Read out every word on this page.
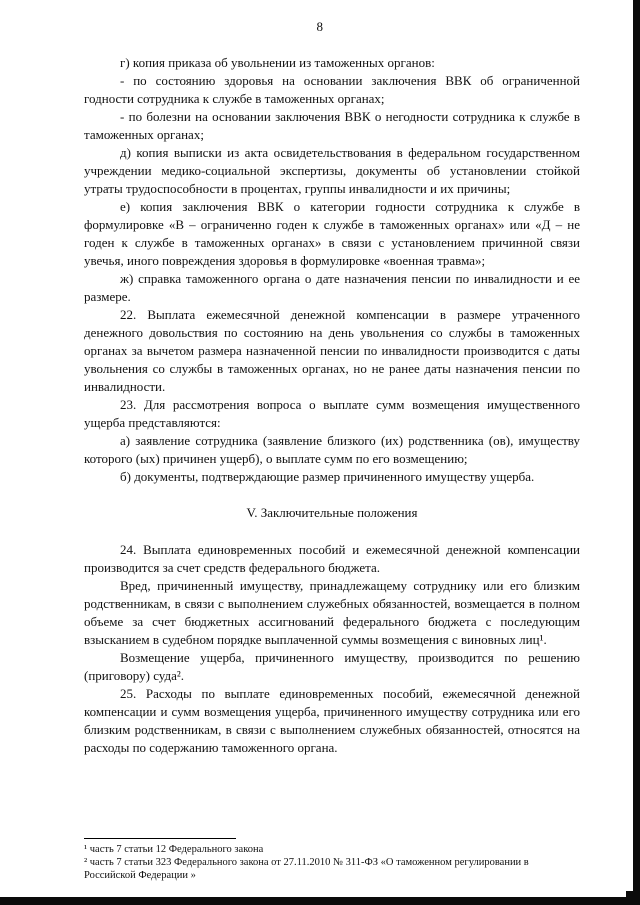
8

г) копия приказа об увольнении из таможенных органов:

- по состоянию здоровья на основании заключения ВВК об ограниченной годности сотрудника к службе в таможенных органах;

- по болезни на основании заключения ВВК о негодности сотрудника к службе в таможенных органах;

д) копия выписки из акта освидетельствования в федеральном государственном учреждении медико-социальной экспертизы, документы об установлении стойкой утраты трудоспособности в процентах, группы инвалидности и их причины;

е) копия заключения ВВК о категории годности сотрудника к службе в формулировке «В – ограниченно годен к службе в таможенных органах» или «Д – не годен к службе в таможенных органах» в связи с установлением причинной связи увечья, иного повреждения здоровья в формулировке «военная травма»;

ж) справка таможенного органа о дате назначения пенсии по инвалидности и ее размере.

22. Выплата ежемесячной денежной компенсации в размере утраченного денежного довольствия по состоянию на день увольнения со службы в таможенных органах за вычетом размера назначенной пенсии по инвалидности производится с даты увольнения со службы в таможенных органах, но не ранее даты назначения пенсии по инвалидности.

23. Для рассмотрения вопроса о выплате сумм возмещения имущественного ущерба представляются:

а) заявление сотрудника (заявление близкого (их) родственника (ов), имуществу которого (ых) причинен ущерб), о выплате сумм по его возмещению;

б) документы, подтверждающие размер причиненного имуществу ущерба.

V. Заключительные положения

24. Выплата единовременных пособий и ежемесячной денежной компенсации производится за счет средств федерального бюджета.

Вред, причиненный имуществу, принадлежащему сотруднику или его близким родственникам, в связи с выполнением служебных обязанностей, возмещается в полном объеме за счет бюджетных ассигнований федерального бюджета с последующим взысканием в судебном порядке выплаченной суммы возмещения с виновных лиц¹.

Возмещение ущерба, причиненного имуществу, производится по решению (приговору) суда².

25. Расходы по выплате единовременных пособий, ежемесячной денежной компенсации и сумм возмещения ущерба, причиненного имуществу сотрудника или его близким родственникам, в связи с выполнением служебных обязанностей, относятся на расходы по содержанию таможенного органа.

¹ часть 7 статьи 12 Федерального закона

² часть 7 статьи 323 Федерального закона от 27.11.2010 № 311-ФЗ «О таможенном регулировании в Российской Федерации »
